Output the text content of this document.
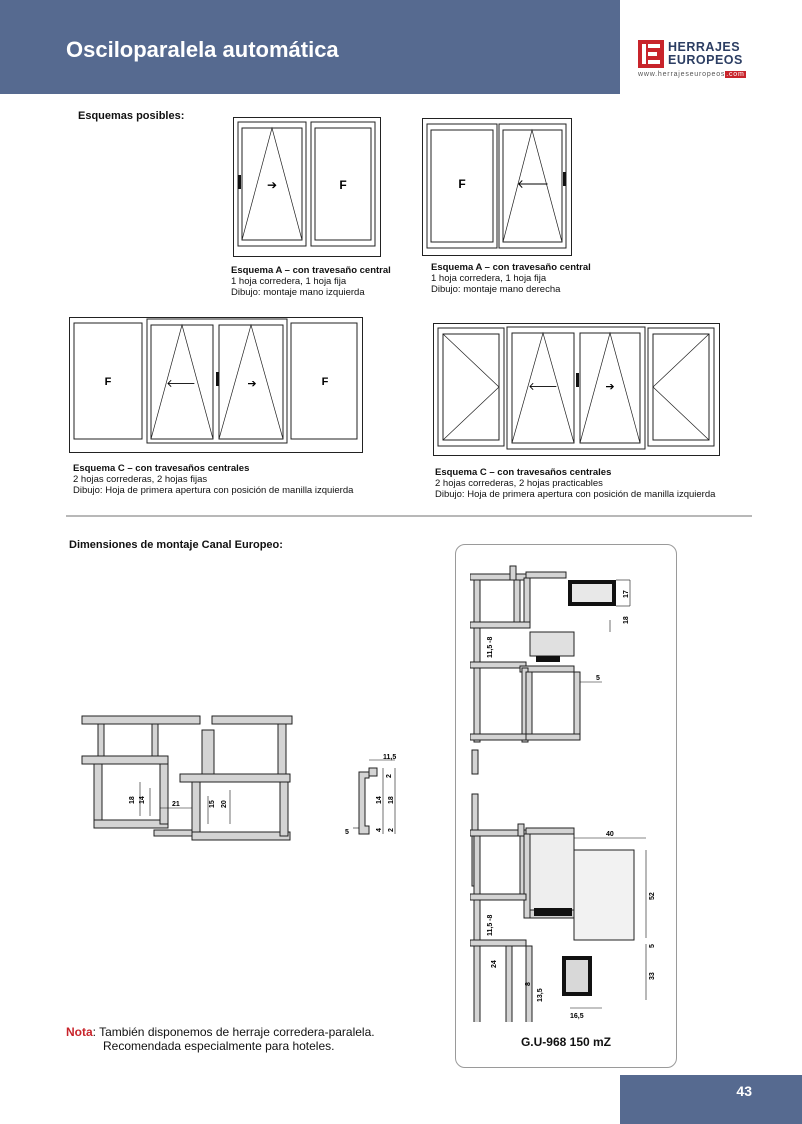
Osciloparalela automática	HERRAJES
EUROPEOS
www.herrajeseuropeos.com
Esquemas posibles:
➔	F
Esquema A – con travesaño central
1 hoja corredera, 1 hoja fija
Dibujo: montaje mano izquierda
F	🡐
Esquema A – con travesaño central
1 hoja corredera, 1 hoja fija
Dibujo: montaje mano derecha
F	🡐	➔	F
Esquema C – con travesaños centrales
2 hojas correderas, 2 hojas fijas
Dibujo: Hoja de primera apertura con posición de manilla izquierda
🡐	➔
Esquema C – con travesaños centrales
2 hojas correderas, 2 hojas practicables
Dibujo: Hoja de primera apertura con posición de manilla izquierda
Dimensiones de montaje Canal Europeo:
18 14
21	15 20
11,5
2
14 18
4 2
5
17
18
11,5 -8
5
40
52
5
33
11,5 -8
24
8
13,5
16,5
G.U-968 150 mZ
Nota: También disponemos de herraje corredera-paralela.
Recomendada especialmente para hoteles.
43
